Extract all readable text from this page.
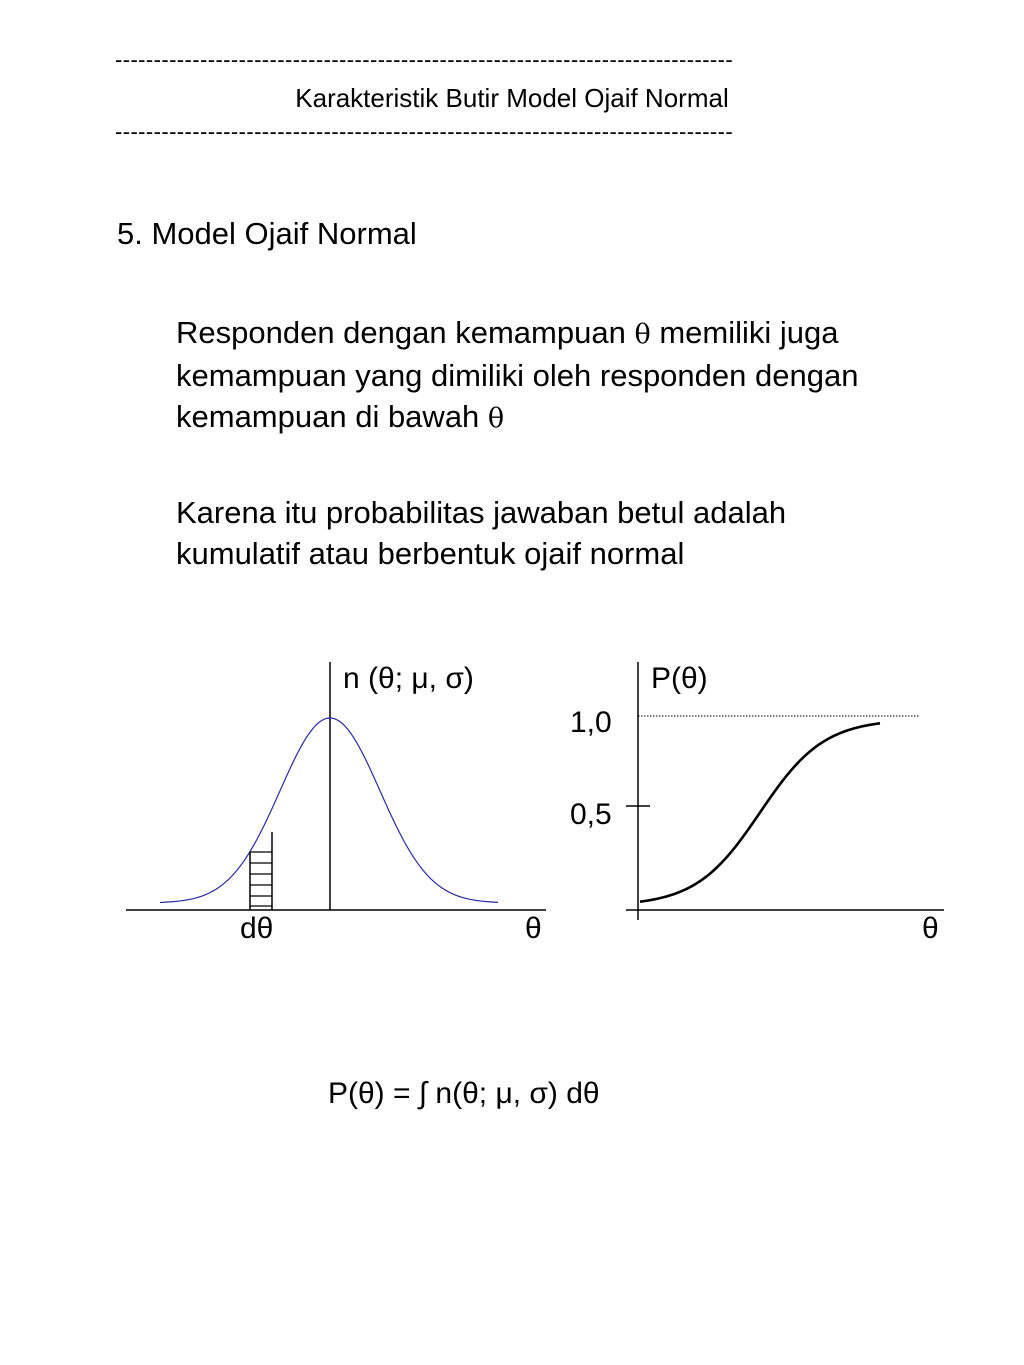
--------------------------------------------------------------------------------
Karakteristik Butir Model Ojaif Normal
--------------------------------------------------------------------------------
5. Model Ojaif Normal

Responden dengan kemampuan θ memiliki juga
kemampuan yang dimiliki oleh responden dengan
kemampuan di bawah θ

Karena itu probabilitas jawaban betul adalah
kumulatif atau berbentuk ojaif normal

n (θ; μ, σ)
dθ	θ
P(θ)
1,0
0,5
θ
P(θ) = ∫ n(θ; μ, σ) dθ
